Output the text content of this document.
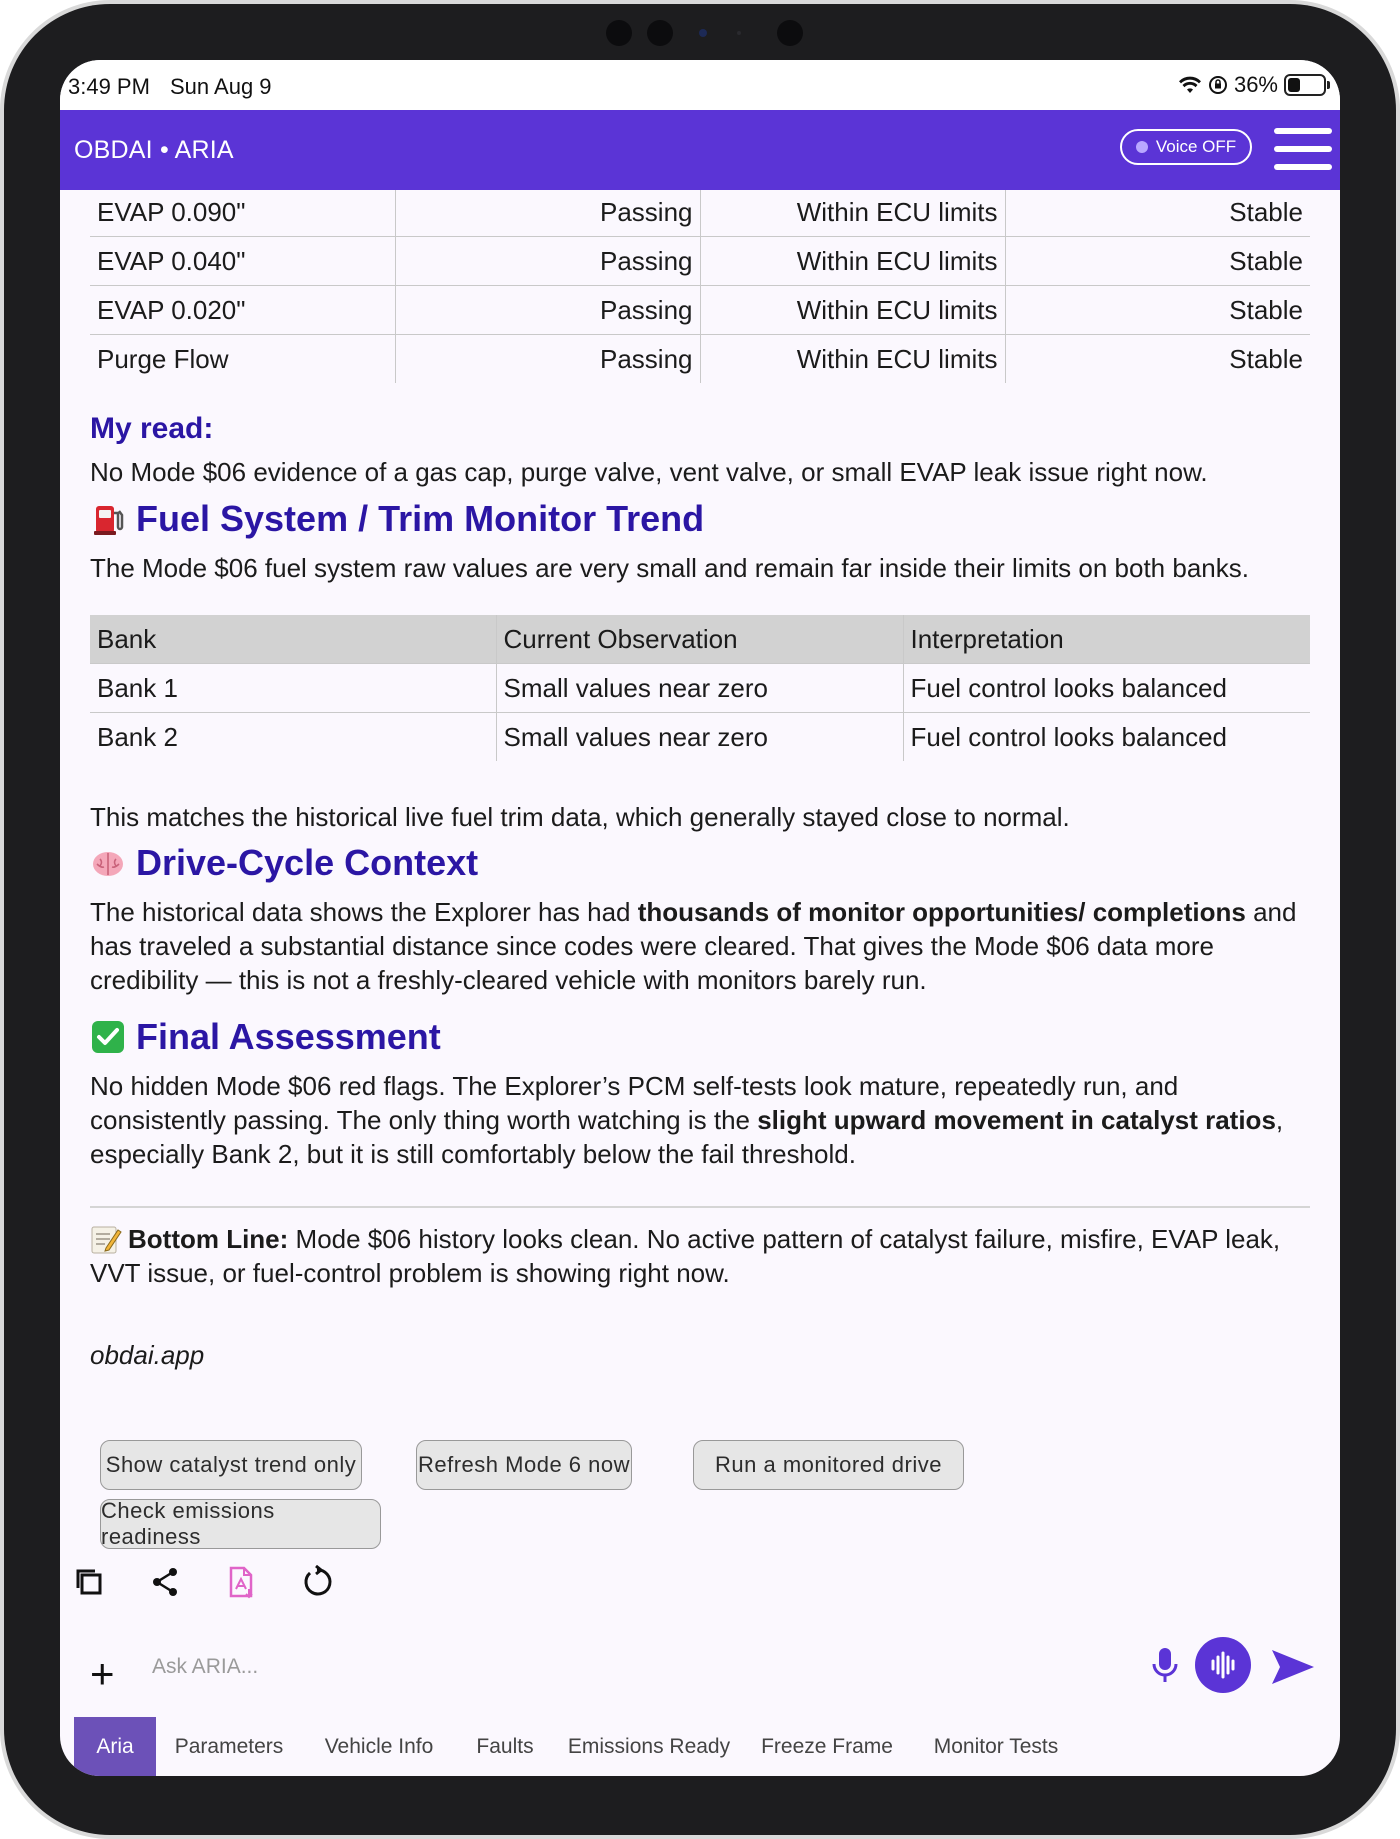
3:49 PM Sun Aug 9	36%
OBDAI • ARIA	Voice OFF
EVAP 0.090"	Passing	Within ECU limits	Stable
EVAP 0.040"	Passing	Within ECU limits	Stable
EVAP 0.020"	Passing	Within ECU limits	Stable
Purge Flow	Passing	Within ECU limits	Stable
My read:
No Mode $06 evidence of a gas cap, purge valve, vent valve, or small EVAP leak issue right now.
Fuel System / Trim Monitor Trend
The Mode $06 fuel system raw values are very small and remain far inside their limits on both banks.
Bank	Current Observation	Interpretation
Bank 1	Small values near zero	Fuel control looks balanced
Bank 2	Small values near zero	Fuel control looks balanced
This matches the historical live fuel trim data, which generally stayed close to normal.
Drive-Cycle Context
The historical data shows the Explorer has had thousands of monitor opportunities/ completions and has traveled a substantial distance since codes were cleared. That gives the Mode $06 data more credibility — this is not a freshly-cleared vehicle with monitors barely run.
Final Assessment
No hidden Mode $06 red flags. The Explorer’s PCM self-tests look mature, repeatedly run, and consistently passing. The only thing worth watching is the slight upward movement in catalyst ratios, especially Bank 2, but it is still comfortably below the fail threshold.
Bottom Line: Mode $06 history looks clean. No active pattern of catalyst failure, misfire, EVAP leak, VVT issue, or fuel-control problem is showing right now.
obdai.app
Show catalyst trend only	Refresh Mode 6 now	Run a monitored drive
Check emissions readiness
+
Ask ARIA...
Aria	Parameters	Vehicle Info	Faults	Emissions Ready	Freeze Frame	Monitor Tests
